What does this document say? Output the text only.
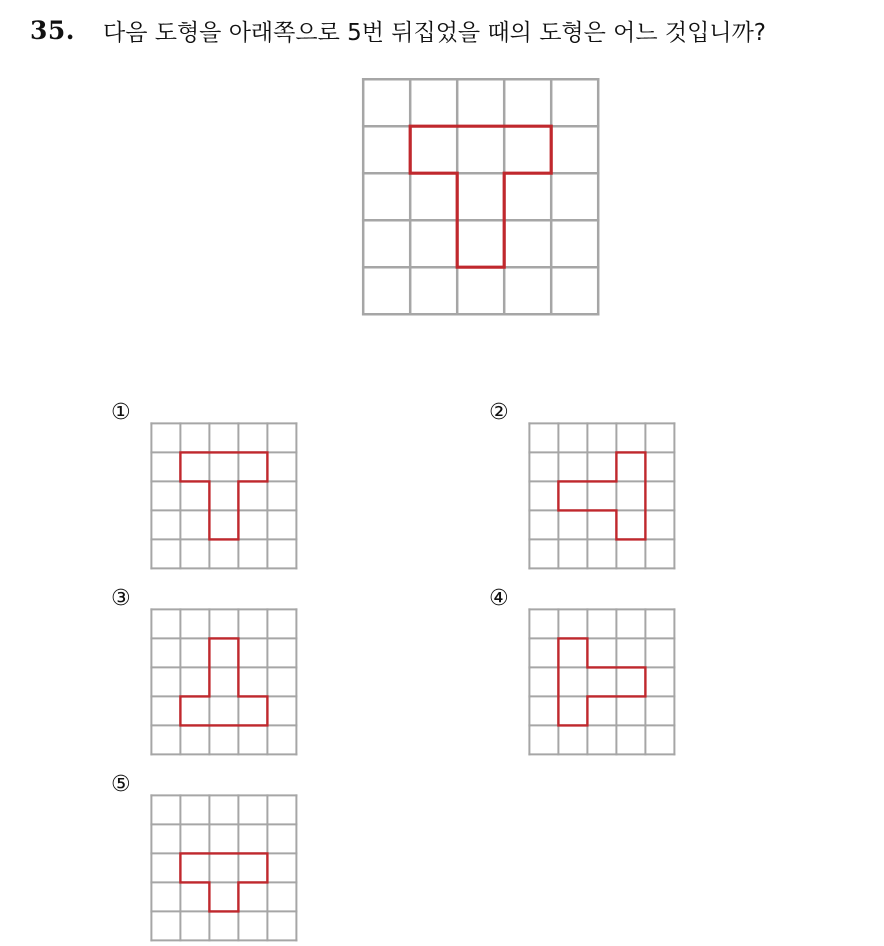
35. 다음 도형을 아래쪽으로 5번 뒤집었을 때의 도형은 어느 것입니까?
①	②
③	④
⑤
